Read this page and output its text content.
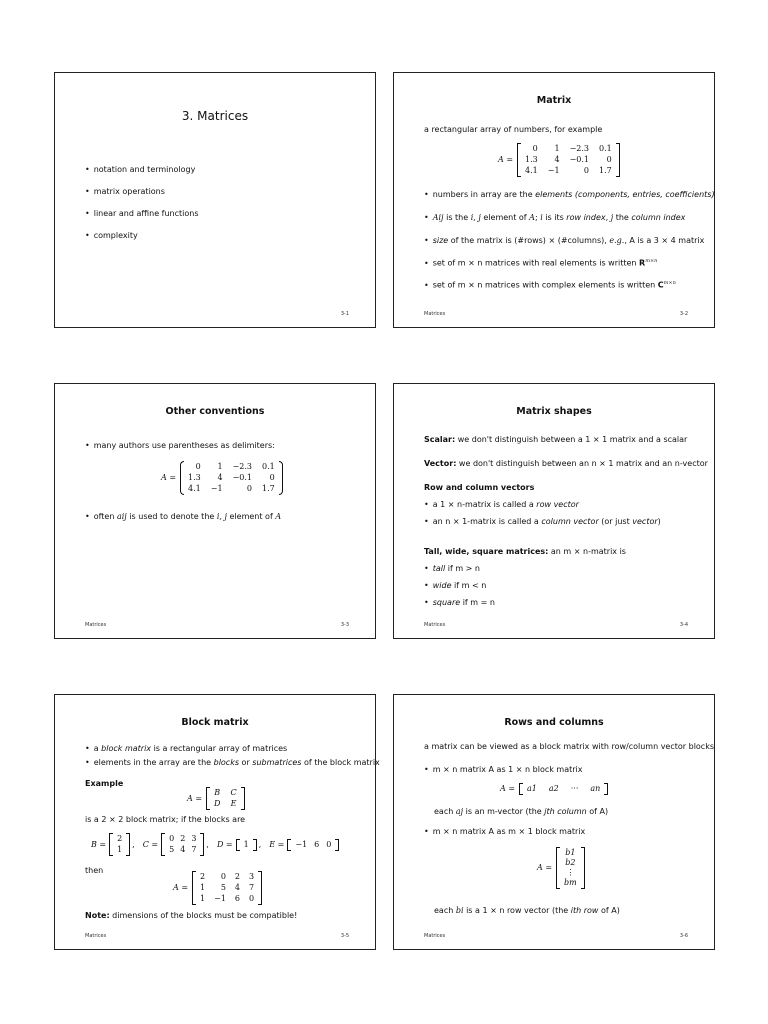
3. Matrices
• notation and terminology
• matrix operations
• linear and affine functions
• complexity
3-1
Matrix
a rectangular array of numbers, for example
A =
0	1 −2.3 0.1
1.3	4 −0.1	0
4.1 −1	0 1.7
• numbers in array are the elements (components, entries, coefficients)
• Aij is the i, j element of A; i is its row index, j the column index
• size of the matrix is (#rows) × (#columns), e.g., A is a 3 × 4 matrix
• set of m × n matrices with real elements is written $R^{m\times n}$
• set of m × n matrices with complex elements is written $C^{m\times n}$
Matrices	3-2
Other conventions
• many authors use parentheses as delimiters:
A =
0	1 −2.3 0.1
1.3	4 −0.1	0
4.1 −1	0 1.7
• often aij is used to denote the i, j element of A
Matrices	3-3
Matrix shapes
Scalar: we don't distinguish between a 1 × 1 matrix and a scalar
Vector: we don't distinguish between an n × 1 matrix and an n-vector
Row and column vectors
• a 1 × n-matrix is called a row vector
• an n × 1-matrix is called a column vector (or just vector)
Tall, wide, square matrices: an m × n-matrix is
• tall if m > n
• wide if m < n
• square if m = n
Matrices	3-4
Block matrix
• a block matrix is a rectangular array of matrices
• elements in the array are the blocks or submatrices of the block matrix
Example
A =
B C
D E
is a 2 × 2 block matrix; if the blocks are
B =
2
1
, C =
0 2 3
5 4 7
, D = 1 , E = −1 6 0
then
A =
2	0 2 3
1	5 4 7
1 −1 6 0
Note: dimensions of the blocks must be compatible!
Matrices	3-5
Rows and columns
a matrix can be viewed as a block matrix with row/column vector blocks
• m × n matrix A as 1 × n block matrix
A = a1 a2 ··· an
each aj is an m-vector (the jth column of A)
• m × n matrix A as m × 1 block matrix
A =
b1
b2
⋮
bm
each bi is a 1 × n row vector (the ith row of A)
Matrices	3-6
